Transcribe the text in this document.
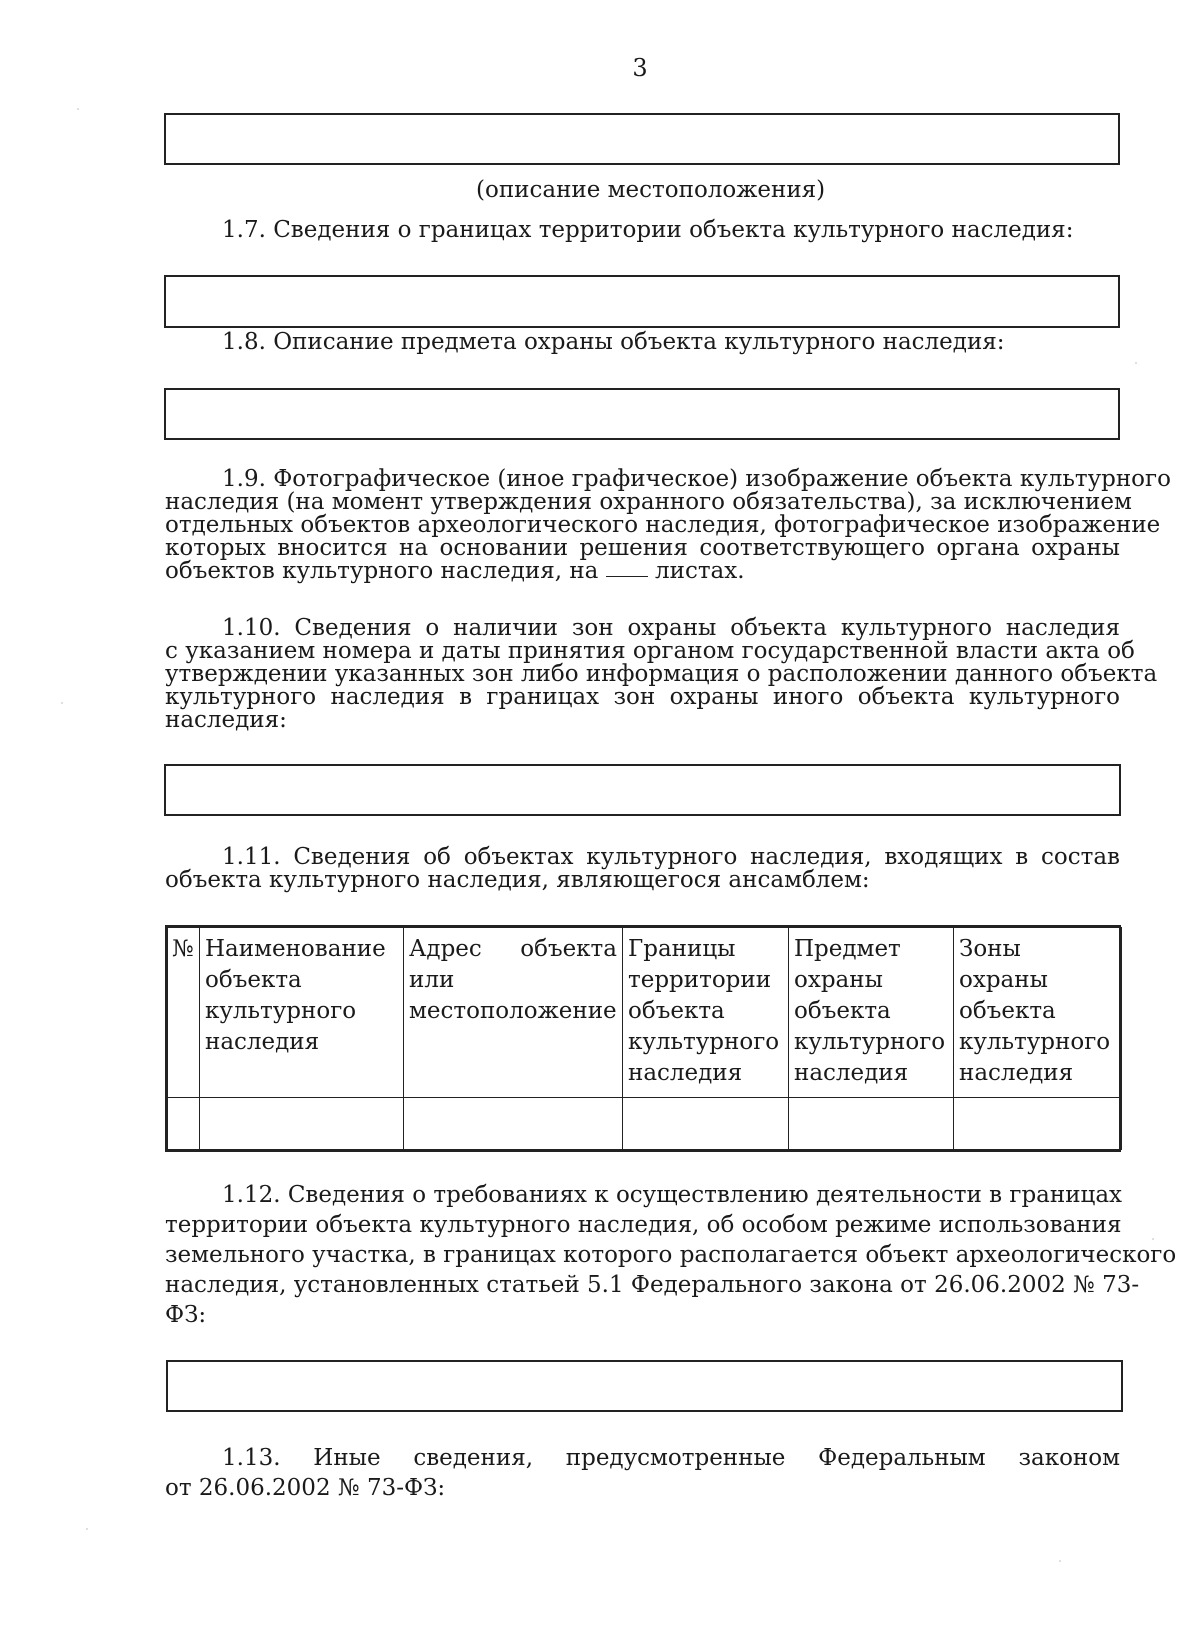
3
(описание местоположения)
1.7. Сведения о границах территории объекта культурного наследия:
1.8. Описание предмета охраны объекта культурного наследия:
1.9. Фотографическое (иное графическое) изображение объекта культурного
наследия (на момент утверждения охранного обязательства), за исключением
отдельных объектов археологического наследия, фотографическое изображение
которых вносится на основании решения соответствующего органа охраны
объектов культурного наследия, на листах.
1.10. Сведения о наличии зон охраны объекта культурного наследия
с указанием номера и даты принятия органом государственной власти акта об
утверждении указанных зон либо информация о расположении данного объекта
культурного наследия в границах зон охраны иного объекта культурного
наследия:
1.11. Сведения об объектах культурного наследия, входящих в состав
объекта культурного наследия, являющегося ансамблем:
№	Наименование объекта культурного наследия	Адрес объекта или местоположение	Границы территории объекта культурного наследия	Предмет охраны объекта культурного наследия	Зоны охраны объекта культурного наследия

1.12. Сведения о требованиях к осуществлению деятельности в границах
территории объекта культурного наследия, об особом режиме использования
земельного участка, в границах которого располагается объект археологического
наследия, установленных статьей 5.1 Федерального закона от 26.06.2002 № 73-
ФЗ:
1.13. Иные сведения, предусмотренные Федеральным законом
от 26.06.2002 № 73-ФЗ:
